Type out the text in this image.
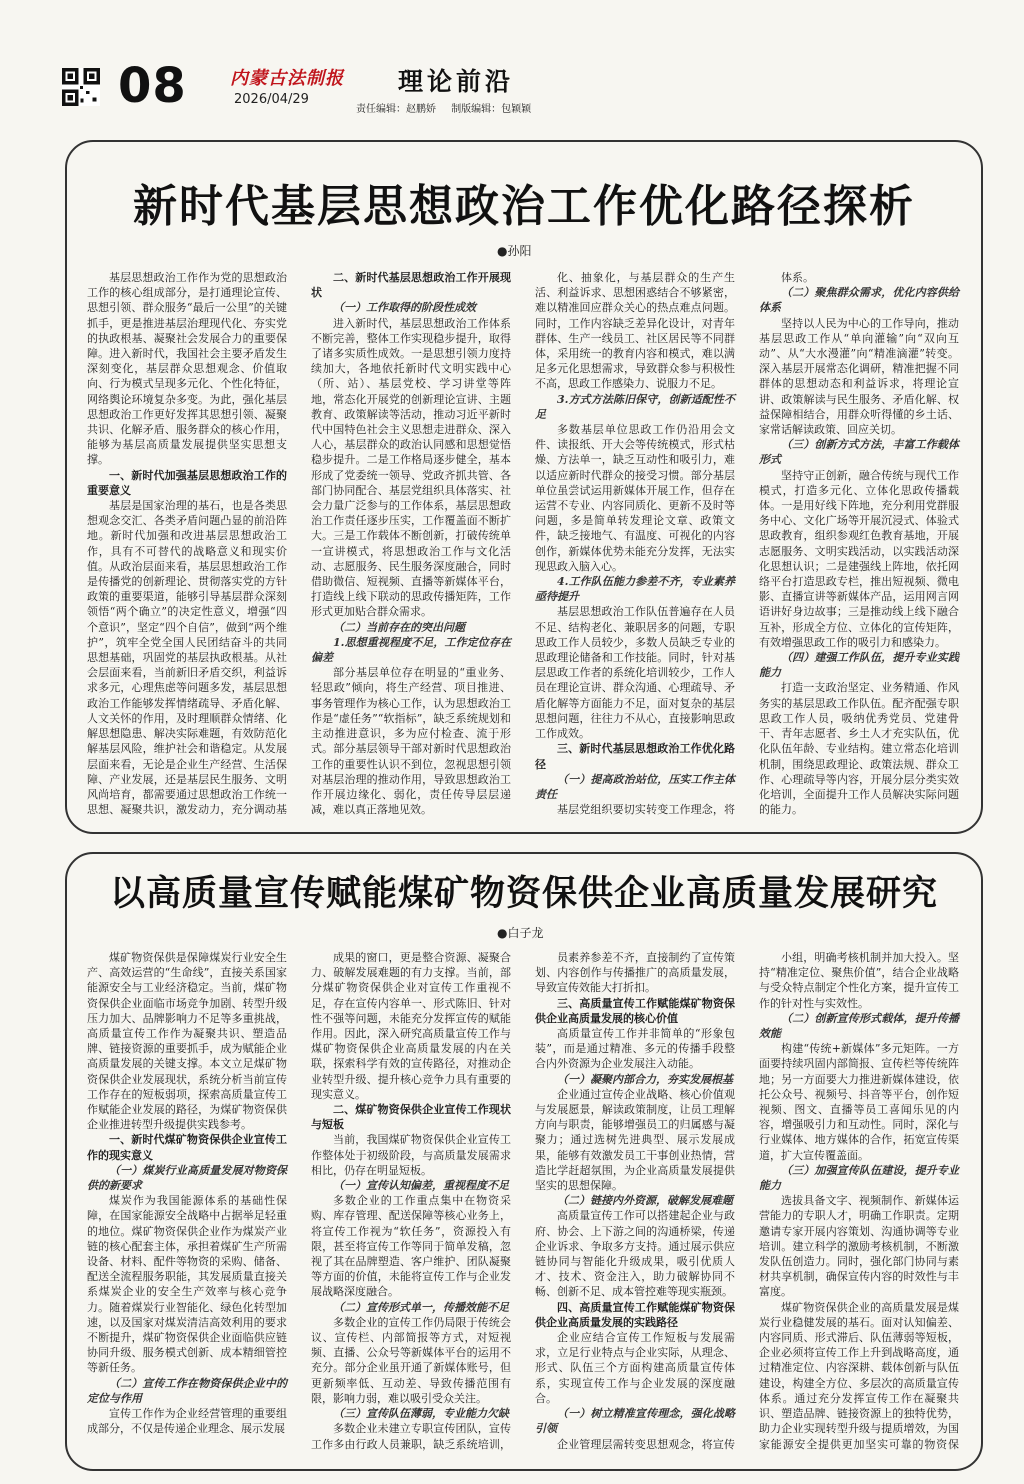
08 内蒙古法制报
2026/04/29
理论前沿
责任编辑：赵鹏娇 制版编辑：包颖颖
新时代基层思想政治工作优化路径探析
●孙阳

基层思想政治工作作为党的思想政治工作的核心组成部分，是打通理论宣传、思想引领、群众服务“最后一公里”的关键抓手，更是推进基层治理现代化、夯实党的执政根基、凝聚社会发展合力的重要保障。进入新时代，我国社会主要矛盾发生深刻变化，基层群众思想观念、价值取向、行为模式呈现多元化、个性化特征，网络舆论环境复杂多变。为此，强化基层思想政治工作更好发挥其思想引领、凝聚共识、化解矛盾、服务群众的核心作用，能够为基层高质量发展提供坚实思想支撑。

一、新时代加强基层思想政治工作的重要意义

基层是国家治理的基石，也是各类思想观念交汇、各类矛盾问题凸显的前沿阵地。新时代加强和改进基层思想政治工作，具有不可替代的战略意义和现实价值。从政治层面来看，基层思想政治工作是传播党的创新理论、贯彻落实党的方针政策的重要渠道，能够引导基层群众深刻领悟“两个确立”的决定性意义，增强“四个意识”，坚定“四个自信”，做到“两个维护”，筑牢全党全国人民团结奋斗的共同思想基础，巩固党的基层执政根基。从社会层面来看，当前新旧矛盾交织，利益诉求多元，心理焦虑等问题多发，基层思想政治工作能够发挥情绪疏导、矛盾化解、人文关怀的作用，及时理顺群众情绪、化解思想隐患、解决实际难题，有效防范化解基层风险，维护社会和谐稳定。从发展层面来看，无论是企业生产经营、生活保障、产业发展，还是基层民生服务、文明风尚培育，都需要通过思想政治工作统一思想、凝聚共识，激发动力，充分调动基

二、新时代基层思想政治工作开展现状

（一）工作取得的阶段性成效

进入新时代，基层思想政治工作体系不断完善，整体工作实现稳步提升，取得了诸多实质性成效。一是思想引领力度持续加大，各地依托新时代文明实践中心（所、站）、基层党校、学习讲堂等阵地，常态化开展党的创新理论宣讲、主题教育、政策解读等活动，推动习近平新时代中国特色社会主义思想走进群众、深入人心，基层群众的政治认同感和思想觉悟稳步提升。二是工作格局逐步健全，基本形成了党委统一领导、党政齐抓共管、各部门协同配合、基层党组织具体落实、社会力量广泛参与的工作体系，基层思想政治工作责任逐步压实，工作覆盖面不断扩大。三是工作载体不断创新，打破传统单一宣讲模式，将思想政治工作与文化活动、志愿服务、民生服务深度融合，同时借助微信、短视频、直播等新媒体平台，打造线上线下联动的思政传播矩阵，工作形式更加贴合群众需求。

（二）当前存在的突出问题

1.思想重视程度不足，工作定位存在偏差

部分基层单位存在明显的“重业务、轻思政”倾向，将生产经营、项目推进、事务管理作为核心工作，认为思想政治工作是“虚任务”“软指标”，缺乏系统规划和主动推进意识，多为应付检查、流于形式。部分基层领导干部对新时代思想政治工作的重要性认识不到位，忽视思想引领对基层治理的推动作用，导致思想政治工作开展边缘化、弱化，责任传导层层递减，难以真正落地见效。

化、抽象化，与基层群众的生产生活、利益诉求、思想困惑结合不够紧密，难以精准回应群众关心的热点难点问题。同时，工作内容缺乏差异化设计，对青年群体、生产一线员工、社区居民等不同群体，采用统一的教育内容和模式，难以满足多元化思想需求，导致群众参与积极性不高，思政工作感染力、说服力不足。

3.方式方法陈旧保守，创新适配性不足

多数基层单位思政工作仍沿用会文件、读报纸、开大会等传统模式，形式枯燥、方法单一，缺乏互动性和吸引力，难以适应新时代群众的接受习惯。部分基层单位虽尝试运用新媒体开展工作，但存在运营不专业、内容同质化、更新不及时等问题，多是简单转发理论文章、政策文件，缺乏接地气、有温度、可视化的内容创作，新媒体优势未能充分发挥，无法实现思政入脑入心。

4.工作队伍能力参差不齐，专业素养亟待提升

基层思想政治工作队伍普遍存在人员不足、结构老化、兼职居多的问题，专职思政工作人员较少，多数人员缺乏专业的思政理论储备和工作技能。同时，针对基层思政工作者的系统化培训较少，工作人员在理论宣讲、群众沟通、心理疏导、矛盾化解等方面能力不足，面对复杂的基层思想问题，往往力不从心，直接影响思政工作成效。

三、新时代基层思想政治工作优化路径

（一）提高政治站位，压实工作主体责任

基层党组织要切实转变工作理念，将

体系。

（二）聚焦群众需求，优化内容供给体系

坚持以人民为中心的工作导向，推动基层思政工作从“单向灌输”向“双向互动”、从“大水漫灌”向“精准滴灌”转变。深入基层开展常态化调研，精准把握不同群体的思想动态和利益诉求，将理论宣讲、政策解读与民生服务、矛盾化解、权益保障相结合，用群众听得懂的乡土话、家常话解读政策、回应关切。

（三）创新方式方法，丰富工作载体形式

坚持守正创新，融合传统与现代工作模式，打造多元化、立体化思政传播载体。一是用好线下阵地，充分利用党群服务中心、文化广场等开展沉浸式、体验式思政教育，组织参观红色教育基地，开展志愿服务、文明实践活动，以实践活动深化思想认识；二是建强线上阵地，依托网络平台打造思政专栏，推出短视频、微电影、直播宣讲等新媒体产品，运用网言网语讲好身边故事；三是推动线上线下融合互补，形成全方位、立体化的宣传矩阵，有效增强思政工作的吸引力和感染力。

（四）建强工作队伍，提升专业实践能力

打造一支政治坚定、业务精通、作风务实的基层思政工作队伍。配齐配强专职思政工作人员，吸纳优秀党员、党建骨干、青年志愿者、乡土人才充实队伍，优化队伍年龄、专业结构。建立常态化培训机制，围绕思政理论、政策法规、群众工作、心理疏导等内容，开展分层分类实效化培训，全面提升工作人员解决实际问题的能力。

以高质量宣传赋能煤矿物资保供企业高质量发展研究
●白子龙

煤矿物资保供是保障煤炭行业安全生产、高效运营的“生命线”，直接关系国家能源安全与工业经济稳定。当前，煤矿物资保供企业面临市场竞争加剧、转型升级压力加大、品牌影响力不足等多重挑战，高质量宣传工作作为凝聚共识、塑造品牌、链接资源的重要抓手，成为赋能企业高质量发展的关键支撑。本文立足煤矿物资保供企业发展现状，系统分析当前宣传工作存在的短板弱项，探索高质量宣传工作赋能企业发展的路径，为煤矿物资保供企业推进转型升级提供实践参考。

一、新时代煤矿物资保供企业宣传工作的现实意义

（一）煤炭行业高质量发展对物资保供的新要求

煤炭作为我国能源体系的基础性保障，在国家能源安全战略中占据举足轻重的地位。煤矿物资保供企业作为煤炭产业链的核心配套主体，承担着煤矿生产所需设备、材料、配件等物资的采购、储备、配送全流程服务职能，其发展质量直接关系煤炭企业的安全生产效率与核心竞争力。随着煤炭行业智能化、绿色化转型加速，以及国家对煤炭清洁高效利用的要求不断提升，煤矿物资保供企业面临供应链协同升级、服务模式创新、成本精细管控等新任务。

（二）宣传工作在物资保供企业中的定位与作用

宣传工作作为企业经营管理的重要组成部分，不仅是传递企业理念、展示发展

成果的窗口，更是整合资源、凝聚合力、破解发展难题的有力支撑。当前，部分煤矿物资保供企业对宣传工作重视不足，存在宣传内容单一、形式陈旧、针对性不强等问题，未能充分发挥宣传的赋能作用。因此，深入研究高质量宣传工作与煤矿物资保供企业高质量发展的内在关联，探索科学有效的宣传路径，对推动企业转型升级、提升核心竞争力具有重要的现实意义。

二、煤矿物资保供企业宣传工作现状与短板

当前，我国煤矿物资保供企业宣传工作整体处于初级阶段，与高质量发展需求相比，仍存在明显短板。

（一）宣传认知偏差，重视程度不足

多数企业的工作重点集中在物资采购、库存管理、配送保障等核心业务上，将宣传工作视为“软任务”，资源投入有限，甚至将宣传工作等同于简单发稿，忽视了其在品牌塑造、客户维护、团队凝聚等方面的价值，未能将宣传工作与企业发展战略深度融合。

（二）宣传形式单一，传播效能不足

多数企业的宣传工作仍局限于传统会议、宣传栏、内部简报等方式，对短视频、直播、公众号等新媒体平台的运用不充分。部分企业虽开通了新媒体账号，但更新频率低、互动差、导致传播范围有限，影响力弱，难以吸引受众关注。

（三）宣传队伍薄弱，专业能力欠缺

多数企业未建立专职宣传团队，宣传工作多由行政人员兼职，缺乏系统培训，

员素养参差不齐，直接制约了宣传策划、内容创作与传播推广的高质量发展，导致宣传效能大打折扣。

三、高质量宣传工作赋能煤矿物资保供企业高质量发展的核心价值

高质量宣传工作并非简单的“形象包装”，而是通过精准、多元的传播手段整合内外资源为企业发展注入动能。

（一）凝聚内部合力，夯实发展根基

企业通过宣传企业战略、核心价值观与发展愿景，解读政策制度，让员工理解方向与职责，能够增强员工的归属感与凝聚力；通过选树先进典型、展示发展成果，能够有效激发员工干事创业热情，营造比学赶超氛围，为企业高质量发展提供坚实的思想保障。

（二）链接内外资源，破解发展难题

高质量宣传工作可以搭建起企业与政府、协会、上下游之间的沟通桥梁，传递企业诉求、争取多方支持。通过展示供应链协同与智能化升级成果，吸引优质人才、技术、资金注入，助力破解协同不畅、创新不足、成本管控难等现实瓶颈。

四、高质量宣传工作赋能煤矿物资保供企业高质量发展的实践路径

企业应结合宣传工作短板与发展需求，立足行业特点与企业实际，从理念、形式、队伍三个方面构建高质量宣传体系，实现宣传工作与企业发展的深度融合。

（一）树立精准宣传理念，强化战略引领

企业管理层需转变思想观念，将宣传

小组，明确考核机制并加大投入。坚持“精准定位、聚焦价值”，结合企业战略与受众特点制定个性化方案，提升宣传工作的针对性与实效性。

（二）创新宣传形式载体，提升传播效能

构建“传统+新媒体”多元矩阵。一方面要持续巩固内部简报、宣传栏等传统阵地；另一方面要大力推进新媒体建设，依托公众号、视频号、抖音等平台，创作短视频、图文、直播等员工喜闻乐见的内容，增强吸引力和互动性。同时，深化与行业媒体、地方媒体的合作，拓宽宣传渠道，扩大宣传覆盖面。

（三）加强宣传队伍建设，提升专业能力

选拔具备文字、视频制作、新媒体运营能力的专职人才，明确工作职责。定期邀请专家开展内容策划、沟通协调等专业培训。建立科学的激励考核机制，不断激发队伍创造力。同时，强化部门协同与素材共享机制，确保宣传内容的时效性与丰富度。

煤矿物资保供企业的高质量发展是煤炭行业稳健发展的基石。面对认知偏差、内容同质、形式滞后、队伍薄弱等短板，企业必须将宣传工作上升到战略高度，通过精准定位、内容深耕、载体创新与队伍建设，构建全方位、多层次的高质量宣传体系。通过充分发挥宣传工作在凝聚共识、塑造品牌、链接资源上的独特优势，助力企业实现转型升级与提质增效，为国家能源安全提供更加坚实可靠的物资保
